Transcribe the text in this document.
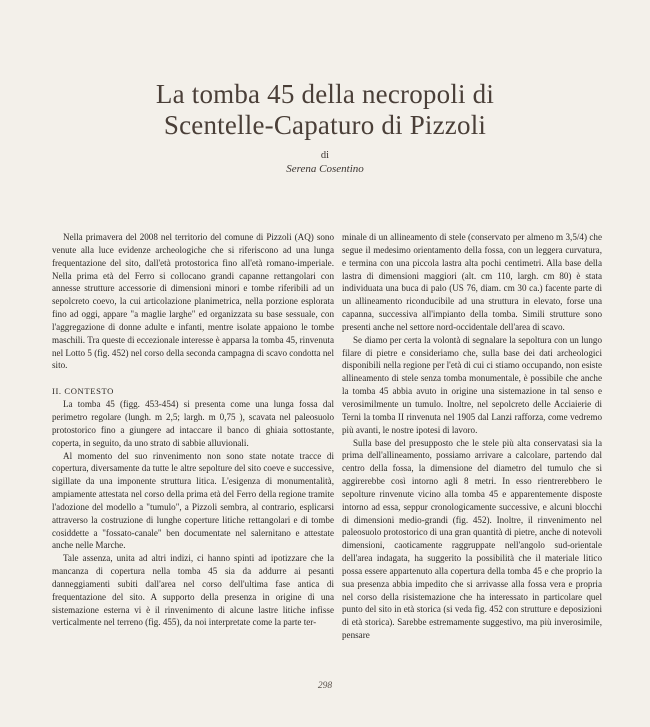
La tomba 45 della necropoli di
Scentelle-Capaturo di Pizzoli
di
Serena Cosentino

Nella primavera del 2008 nel territorio del comune di Pizzoli (AQ) sono venute alla luce evidenze archeologiche che si riferiscono ad una lunga frequentazione del sito, dall'età protostorica fino all'età romano-imperiale. Nella prima età del Ferro si collocano grandi capanne rettangolari con annesse strutture accessorie di dimensioni minori e tombe riferibili ad un sepolcreto coevo, la cui articolazione planimetrica, nella porzione esplorata fino ad oggi, appare "a maglie larghe" ed organizzata su base sessuale, con l'aggregazione di donne adulte e infanti, mentre isolate appaiono le tombe maschili. Tra queste di eccezionale interesse è apparsa la tomba 45, rinvenuta nel Lotto 5 (fig. 452) nel corso della seconda campagna di scavo condotta nel sito.

II. CONTESTO

La tomba 45 (figg. 453-454) si presenta come una lunga fossa dal perimetro regolare (lungh. m 2,5; largh. m 0,75 ), scavata nel paleosuolo protostorico fino a giungere ad intaccare il banco di ghiaia sottostante, coperta, in seguito, da uno strato di sabbie alluvionali.

Al momento del suo rinvenimento non sono state notate tracce di copertura, diversamente da tutte le altre sepolture del sito coeve e successive, sigillate da una imponente struttura litica. L'esigenza di monumentalità, ampiamente attestata nel corso della prima età del Ferro della regione tramite l'adozione del modello a "tumulo", a Pizzoli sembra, al contrario, esplicarsi attraverso la costruzione di lunghe coperture litiche rettangolari e di tombe cosiddette a "fossato-canale" ben documentate nel salernitano e attestate anche nelle Marche.

Tale assenza, unita ad altri indizi, ci hanno spinti ad ipotizzare che la mancanza di copertura nella tomba 45 sia da addurre ai pesanti danneggiamenti subiti dall'area nel corso dell'ultima fase antica di frequentazione del sito. A supporto della presenza in origine di una sistemazione esterna vi è il rinvenimento di alcune lastre litiche infisse verticalmente nel terreno (fig. 455), da noi interpretate come la parte ter-

minale di un allineamento di stele (conservato per almeno m 3,5/4) che segue il medesimo orientamento della fossa, con un leggera curvatura, e termina con una piccola lastra alta pochi centimetri. Alla base della lastra di dimensioni maggiori (alt. cm 110, largh. cm 80) è stata individuata una buca di palo (US 76, diam. cm 30 ca.) facente parte di un allineamento riconducibile ad una struttura in elevato, forse una capanna, successiva all'impianto della tomba. Simili strutture sono presenti anche nel settore nord-occidentale dell'area di scavo.

Se diamo per certa la volontà di segnalare la sepoltura con un lungo filare di pietre e consideriamo che, sulla base dei dati archeologici disponibili nella regione per l'età di cui ci stiamo occupando, non esiste allineamento di stele senza tomba monumentale, è possibile che anche la tomba 45 abbia avuto in origine una sistemazione in tal senso e verosimilmente un tumulo. Inoltre, nel sepolcreto delle Acciaierie di Terni la tomba II rinvenuta nel 1905 dal Lanzi rafforza, come vedremo più avanti, le nostre ipotesi di lavoro.

Sulla base del presupposto che le stele più alta conservatasi sia la prima dell'allineamento, possiamo arrivare a calcolare, partendo dal centro della fossa, la dimensione del diametro del tumulo che si aggirerebbe così intorno agli 8 metri. In esso rientrerebbero le sepolture rinvenute vicino alla tomba 45 e apparentemente disposte intorno ad essa, seppur cronologicamente successive, e alcuni blocchi di dimensioni medio-grandi (fig. 452). Inoltre, il rinvenimento nel paleosuolo protostorico di una gran quantità di pietre, anche di notevoli dimensioni, caoticamente raggruppate nell'angolo sud-orientale dell'area indagata, ha suggerito la possibilità che il materiale litico possa essere appartenuto alla copertura della tomba 45 e che proprio la sua presenza abbia impedito che si arrivasse alla fossa vera e propria nel corso della risistemazione che ha interessato in particolare quel punto del sito in età storica (si veda fig. 452 con strutture e deposizioni di età storica). Sarebbe estremamente suggestivo, ma più inverosimile, pensare

298
